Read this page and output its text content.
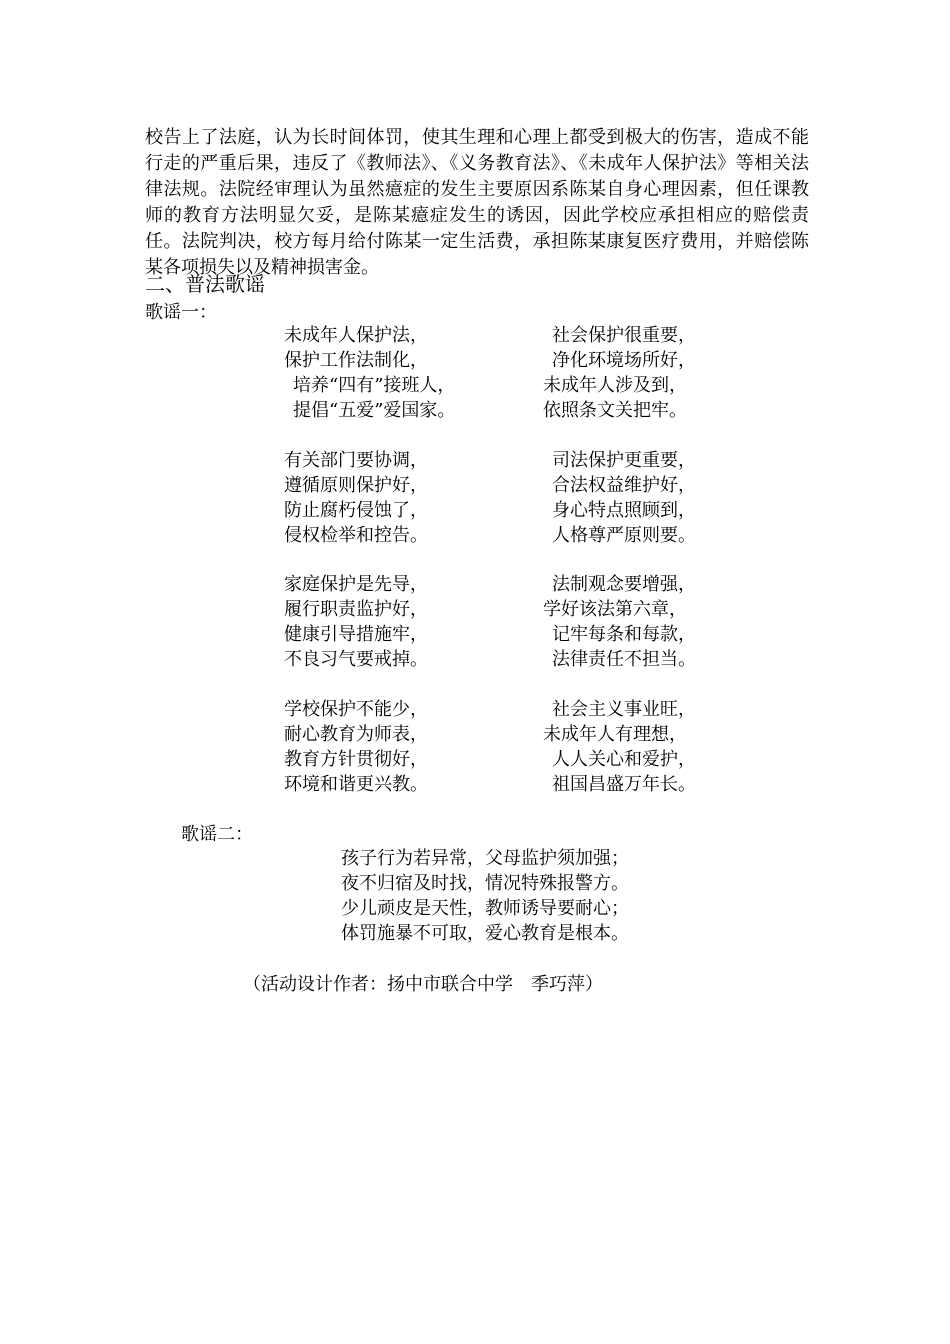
校告上了法庭，认为长时间体罚，使其生理和心理上都受到极大的伤害，造成不能行走的严重后果，违反了《教师法》、《义务教育法》、《未成年人保护法》等相关法律法规。法院经审理认为虽然癔症的发生主要原因系陈某自身心理因素，但任课教师的教育方法明显欠妥，是陈某癔症发生的诱因，因此学校应承担相应的赔偿责任。法院判决，校方每月给付陈某一定生活费，承担陈某康复医疗费用，并赔偿陈某各项损失以及精神损害金。

二、普法歌谣
歌谣一：
未成年人保护法，
保护工作法制化，
培养“四有”接班人，
提倡“五爱”爱国家。
社会保护很重要，
净化环境场所好，
未成年人涉及到，
依照条文关把牢。
有关部门要协调，
遵循原则保护好，
防止腐朽侵蚀了，
侵权检举和控告。
司法保护更重要，
合法权益维护好，
身心特点照顾到，
人格尊严原则要。
家庭保护是先导，
履行职责监护好，
健康引导措施牢，
不良习气要戒掉。
法制观念要增强，
学好该法第六章，
记牢每条和每款，
法律责任不担当。
学校保护不能少，
耐心教育为师表，
教育方针贯彻好，
环境和谐更兴教。
社会主义事业旺，
未成年人有理想，
人人关心和爱护，
祖国昌盛万年长。
歌谣二：
孩子行为若异常，父母监护须加强；
夜不归宿及时找，情况特殊报警方。
少儿顽皮是天性，教师诱导要耐心；
体罚施暴不可取，爱心教育是根本。
（活动设计作者：扬中市联合中学　季巧萍）
